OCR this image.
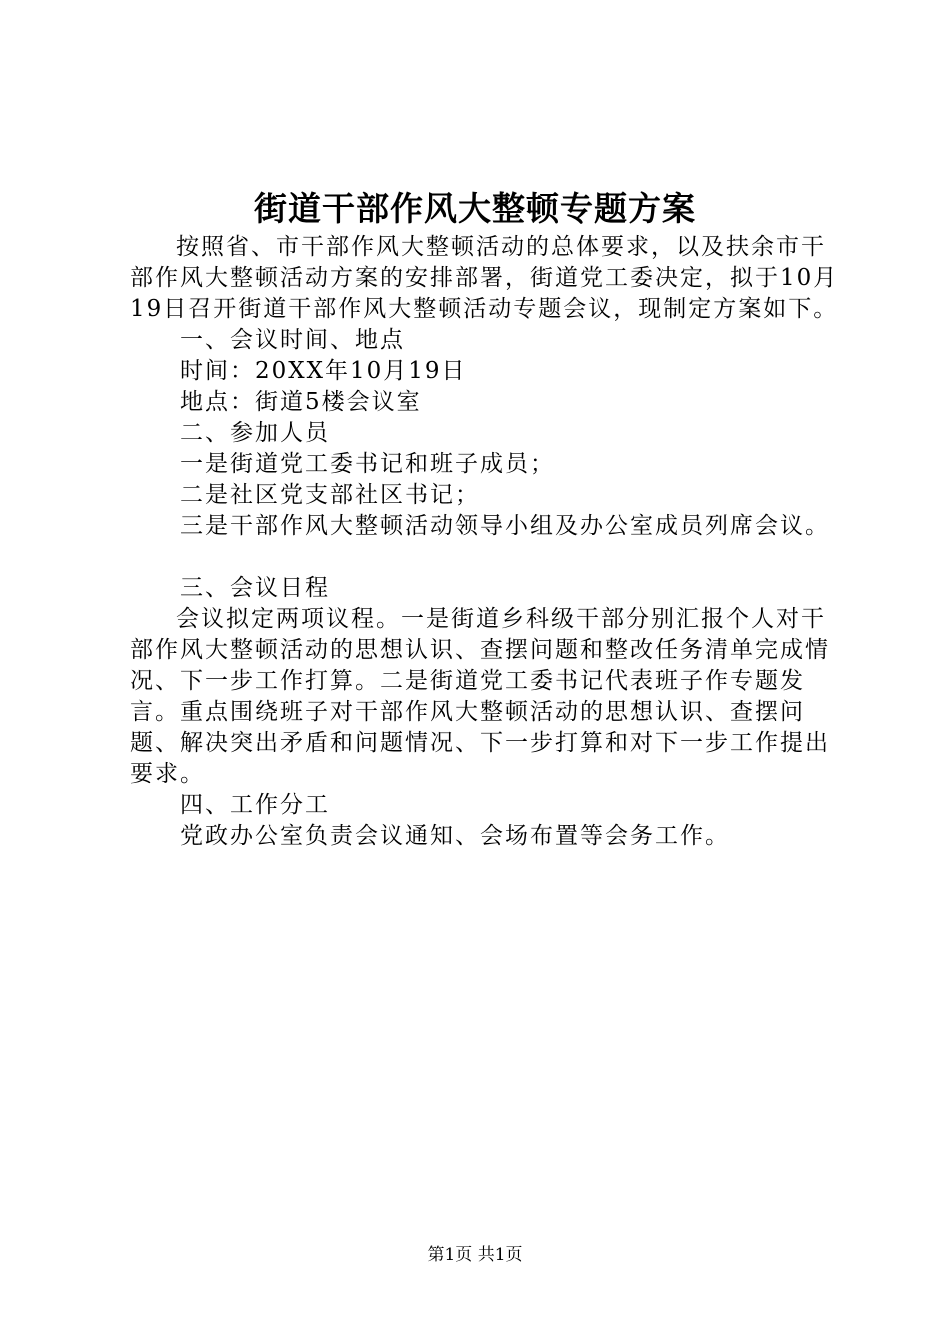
街道干部作风大整顿专题方案

按照省、市干部作风大整顿活动的总体要求，以及扶余市干部作风大整顿活动方案的安排部署，街道党工委决定，拟于10月19日召开街道干部作风大整顿活动专题会议，现制定方案如下。

一、会议时间、地点

时间：20XX年10月19日

地点：街道5楼会议室

二、参加人员

一是街道党工委书记和班子成员；

二是社区党支部社区书记；

三是干部作风大整顿活动领导小组及办公室成员列席会议。

三、会议日程

会议拟定两项议程。一是街道乡科级干部分别汇报个人对干部作风大整顿活动的思想认识、查摆问题和整改任务清单完成情况、下一步工作打算。二是街道党工委书记代表班子作专题发言。重点围绕班子对干部作风大整顿活动的思想认识、查摆问题、解决突出矛盾和问题情况、下一步打算和对下一步工作提出要求。

四、工作分工

党政办公室负责会议通知、会场布置等会务工作。

第1页 共1页
